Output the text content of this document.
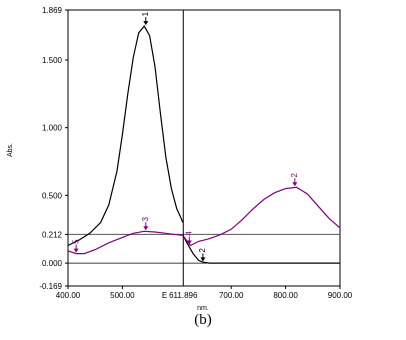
1
3
5
4
2
2
-0.169
0.000
0.212
0.500
1.000
1.500
1.869
400.00	500.00	700.00	800.00	900.00
E 611.896
Abs.
nm.
(b)
